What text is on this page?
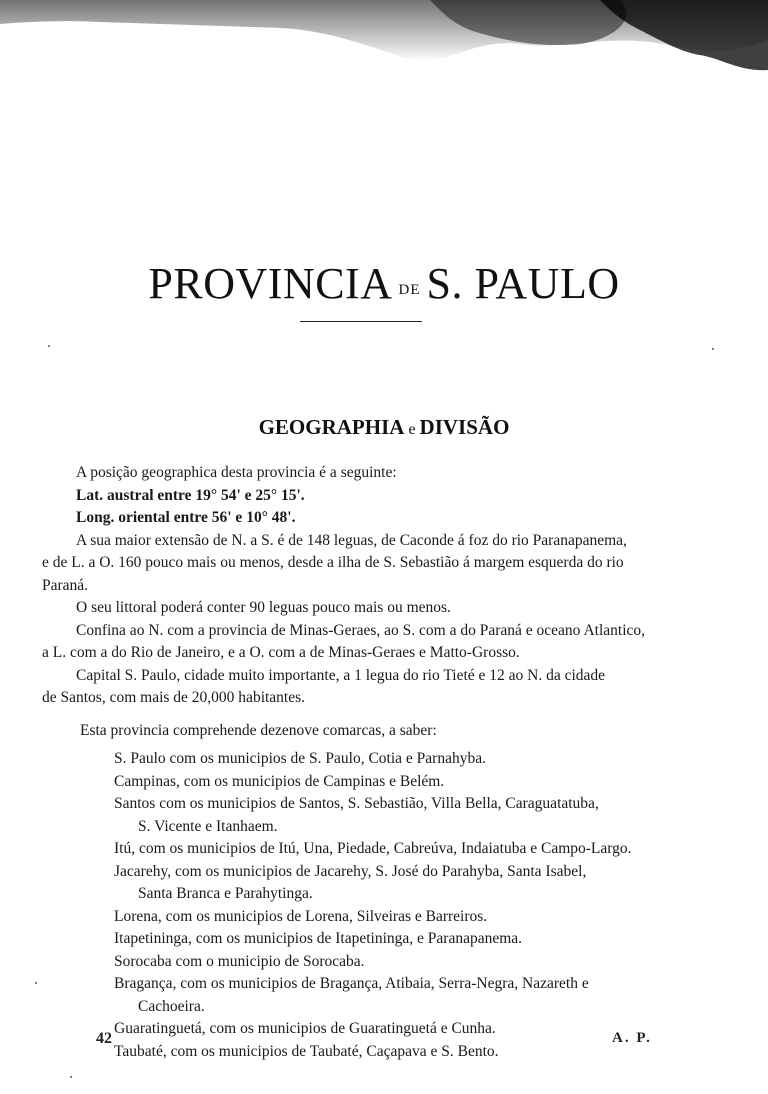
PROVINCIA DE S. PAULO
GEOGRAPHIA e DIVISÃO
A posição geographica desta provincia é a seguinte:
Lat. austral entre 19° 54' e 25° 15'.
Long. oriental entre 56' e 10° 48'.
A sua maior extensão de N. a S. é de 148 leguas, de Caconde á foz do rio Paranapanema,
e de L. a O. 160 pouco mais ou menos, desde a ilha de S. Sebastião á margem esquerda do rio
Paraná.
O seu littoral poderá conter 90 leguas pouco mais ou menos.
Confina ao N. com a provincia de Minas-Geraes, ao S. com a do Paraná e oceano Atlantico,
a L. com a do Rio de Janeiro, e a O. com a de Minas-Geraes e Matto-Grosso.
Capital S. Paulo, cidade muito importante, a 1 legua do rio Tieté e 12 ao N. da cidade
de Santos, com mais de 20,000 habitantes.
Esta provincia comprehende dezenove comarcas, a saber:
S. Paulo com os municipios de S. Paulo, Cotia e Parnahyba.
Campinas, com os municipios de Campinas e Belém.
Santos com os municipios de Santos, S. Sebastião, Villa Bella, Caraguatatuba,
S. Vicente e Itanhaem.
Itú, com os municipios de Itú, Una, Piedade, Cabreúva, Indaiatuba e Campo-Largo.
Jacarehy, com os municipios de Jacarehy, S. José do Parahyba, Santa Isabel,
Santa Branca e Parahytinga.
Lorena, com os municipios de Lorena, Silveiras e Barreiros.
Itapetininga, com os municipios de Itapetininga, e Paranapanema.
Sorocaba com o municipio de Sorocaba.
Bragança, com os municipios de Bragança, Atibaia, Serra-Negra, Nazareth e
Cachoeira.
Guaratinguetá, com os municipios de Guaratinguetá e Cunha.
Taubaté, com os municipios de Taubaté, Caçapava e S. Bento.
42	A. P.
